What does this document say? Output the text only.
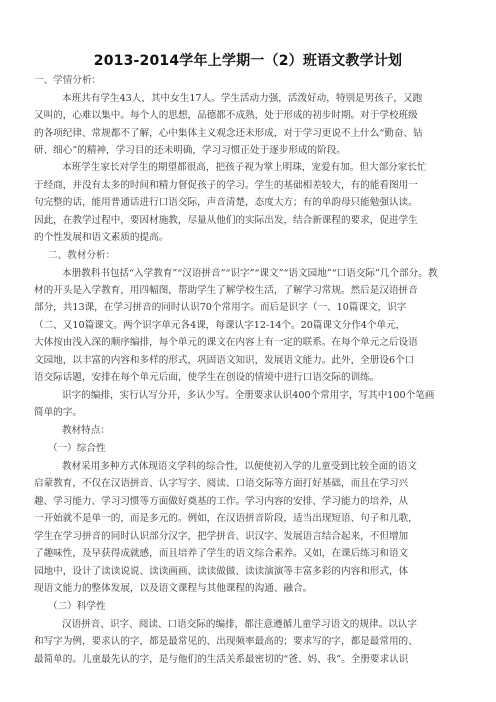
2013-2014学年上学期一（2）班语文教学计划
一、学情分析：
本班共有学生43人，其中女生17人。学生活动力强，活泼好动，特别是男孩子，又跑
又叫的，心难以集中。每个人的思想，品德都不成熟，处于形成的初步时期。对于学校班级
的各项纪律、常规都不了解，心中集体主义观念还未形成，对于学习更说不上什么“勤奋、钻
研、细心”的精神，学习目的还未明确，学习习惯正处于逐步形成的阶段。
本班学生家长对学生的期望都很高，把孩子视为掌上明珠，宠爱有加。但大部分家长忙
于经商，并没有太多的时间和精力督促孩子的学习。学生的基础相差较大，有的能看图用一
句完整的话，能用普通话进行口语交际，声音清楚，态度大方；有的单韵母只能勉强认读。
因此，在教学过程中，要因材施教，尽量从他们的实际出发，结合新课程的要求，促进学生
的个性发展和语文素质的提高。
二、教材分析：
本册教科书包括“入学教育”“汉语拼音”“识字”“课文”“语文园地”“口语交际”几个部分。教
材的开头是入学教育，用四幅图，帮助学生了解学校生活，了解学习常规。然后是汉语拼音
部分，共13课，在学习拼音的同时认识70个常用字。而后是识字（一、10篇课文，识字
（二、又10篇课文。两个识字单元各4课，每课认字12-14个。20篇课文分作4个单元，
大体按由浅入深的顺序编排，每个单元的课文在内容上有一定的联系。在每个单元之后设语
文园地，以丰富的内容和多样的形式，巩固语文知识，发展语文能力。此外，全册设6个口
语交际话题，安排在每个单元后面，使学生在创设的情境中进行口语交际的训练。
识字的编排，实行认写分开，多认少写。全册要求认识400个常用字，写其中100个笔画
简单的字。
教材特点：
（一）综合性
教材采用多种方式体现语文学科的综合性，以便使初入学的儿童受到比较全面的语文
启蒙教育，不仅在汉语拼音、认字写字、阅读、口语交际等方面打好基础，而且在学习兴
趣、学习能力、学习习惯等方面做好奠基的工作。学习内容的安排、学习能力的培养，从
一开始就不是单一的，而是多元的。例如，在汉语拼音阶段，适当出现短语、句子和儿歌，
学生在学习拼音的同时认识部分汉字，把学拼音、识汉字、发展语言结合起来，不但增加
了趣味性，及早获得成就感，而且培养了学生的语文综合素养。又如，在课后练习和语文
园地中，设计了读读说说、读读画画、读读做做、读读演演等丰富多彩的内容和形式，体
现语文能力的整体发展，以及语文课程与其他课程的沟通、融合。
（二）科学性
汉语拼音、识字、阅读、口语交际的编排，都注意遵循儿童学习语文的规律。以认字
和写字为例，要求认的字，都是最常见的、出现频率最高的；要求写的字，都是最常用的、
最简单的。儿童最先认的字，是与他们的生活关系最密切的“爸、妈、我”。全册要求认识
